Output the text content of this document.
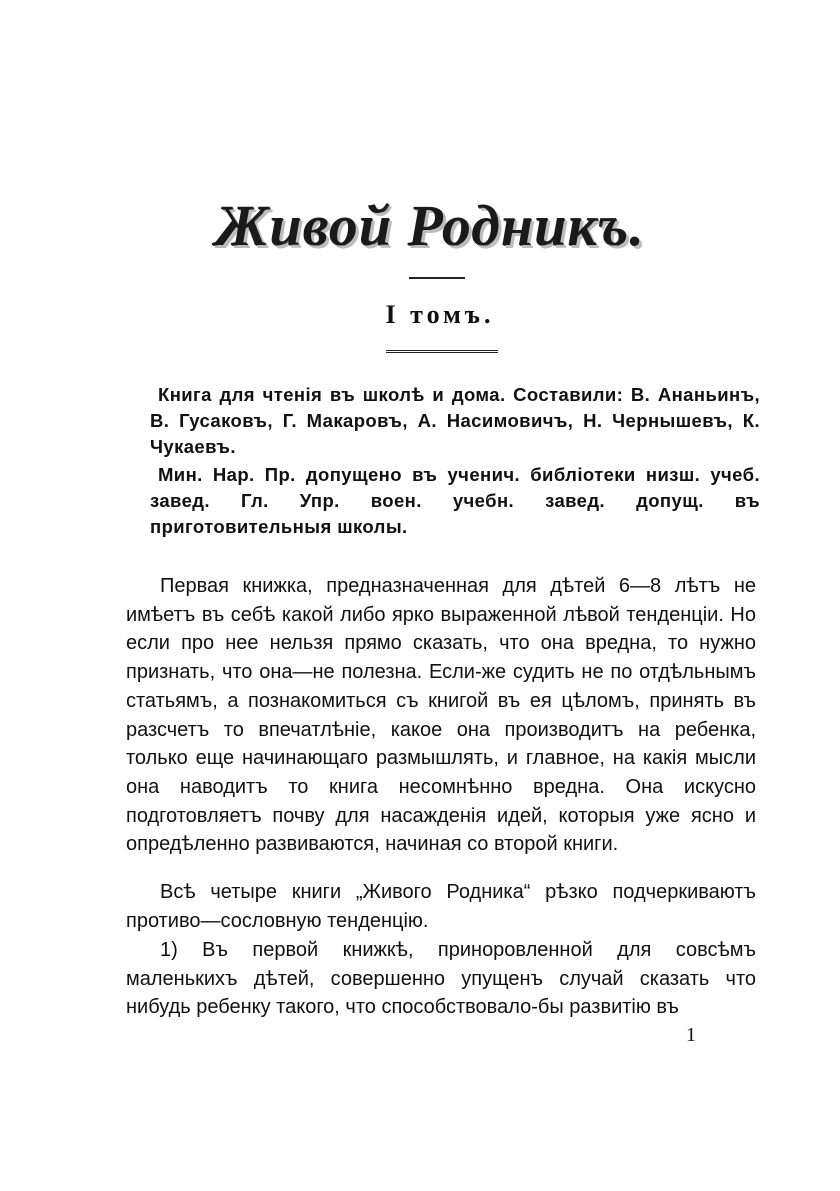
Живой Родникъ.
I томъ.
Книга для чтенія въ школѣ и дома. Составили: В. Ананьинъ, В. Гусаковъ, Г. Макаровъ, А. Насимовичъ, Н. Чернышевъ, К. Чукаевъ.
Мин. Нар. Пр. допущено въ ученич. библіотеки низш. учеб. завед. Гл. Упр. воен. учебн. завед. допущ. въ приготовительныя школы.
Первая книжка, предназначенная для дѣтей 6—8 лѣтъ не имѣетъ въ себѣ какой либо ярко выраженной лѣвой тенденціи. Но если про нее нельзя прямо сказать, что она вредна, то нужно признать, что она—не полезна. Если-же судить не по отдѣльнымъ статьямъ, а познакомиться съ книгой въ ея цѣломъ, принять въ разсчетъ то впечатлѣніе, какое она производитъ на ребенка, только еще начинающаго размышлять, и главное, на какія мысли она наводитъ то книга несомнѣнно вредна. Она искусно подготовляетъ почву для насажденія идей, которыя уже ясно и опредѣленно развиваются, начиная со второй книги.
Всѣ четыре книги „Живого Родника“ рѣзко подчеркиваютъ противо—сословную тенденцію.
1) Въ первой книжкѣ, приноровленной для совсѣмъ маленькихъ дѣтей, совершенно упущенъ случай сказать что нибудь ребенку такого, что способствовало-бы развитію въ
1
